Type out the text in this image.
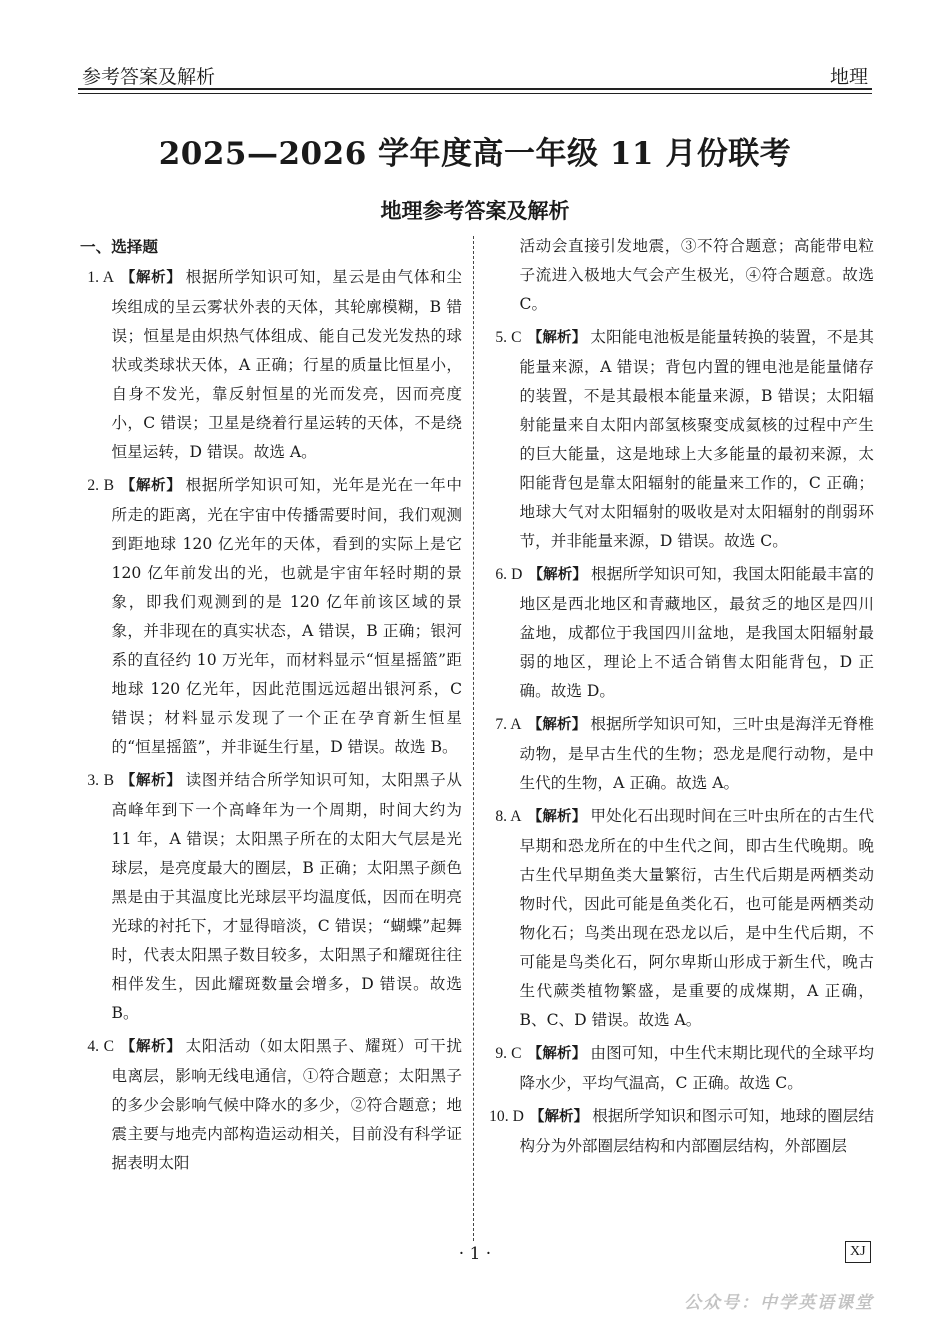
参考答案及解析	地理
2025—2026 学年度高一年级 11 月份联考
地理参考答案及解析
一、选择题
1. A 【解析】 根据所学知识可知，星云是由气体和尘埃组成的呈云雾状外表的天体，其轮廓模糊，B 错误；恒星是由炽热气体组成、能自己发光发热的球状或类球状天体，A 正确；行星的质量比恒星小，自身不发光，靠反射恒星的光而发亮，因而亮度小，C 错误；卫星是绕着行星运转的天体，不是绕恒星运转，D 错误。故选 A。
2. B 【解析】 根据所学知识可知，光年是光在一年中所走的距离，光在宇宙中传播需要时间，我们观测到距地球 120 亿光年的天体，看到的实际上是它 120 亿年前发出的光，也就是宇宙年轻时期的景象，即我们观测到的是 120 亿年前该区域的景象，并非现在的真实状态，A 错误，B 正确；银河系的直径约 10 万光年，而材料显示“恒星摇篮”距地球 120 亿光年，因此范围远远超出银河系，C 错误；材料显示发现了一个正在孕育新生恒星的“恒星摇篮”，并非诞生行星，D 错误。故选 B。
3. B 【解析】 读图并结合所学知识可知，太阳黑子从高峰年到下一个高峰年为一个周期，时间大约为 11 年，A 错误；太阳黑子所在的太阳大气层是光球层，是亮度最大的圈层，B 正确；太阳黑子颜色黑是由于其温度比光球层平均温度低，因而在明亮光球的衬托下，才显得暗淡，C 错误；“蝴蝶”起舞时，代表太阳黑子数目较多，太阳黑子和耀斑往往相伴发生，因此耀斑数量会增多，D 错误。故选 B。
4. C 【解析】 太阳活动（如太阳黑子、耀斑）可干扰电离层，影响无线电通信，①符合题意；太阳黑子的多少会影响气候中降水的多少，②符合题意；地震主要与地壳内部构造运动相关，目前没有科学证据表明太阳
活动会直接引发地震，③不符合题意；高能带电粒子流进入极地大气会产生极光，④符合题意。故选 C。
5. C 【解析】 太阳能电池板是能量转换的装置，不是其能量来源，A 错误；背包内置的锂电池是能量储存的装置，不是其最根本能量来源，B 错误；太阳辐射能量来自太阳内部氢核聚变成氦核的过程中产生的巨大能量，这是地球上大多能量的最初来源，太阳能背包是靠太阳辐射的能量来工作的，C 正确；地球大气对太阳辐射的吸收是对太阳辐射的削弱环节，并非能量来源，D 错误。故选 C。
6. D 【解析】 根据所学知识可知，我国太阳能最丰富的地区是西北地区和青藏地区，最贫乏的地区是四川盆地，成都位于我国四川盆地，是我国太阳辐射最弱的地区，理论上不适合销售太阳能背包，D 正确。故选 D。
7. A 【解析】 根据所学知识可知，三叶虫是海洋无脊椎动物，是早古生代的生物；恐龙是爬行动物，是中生代的生物，A 正确。故选 A。
8. A 【解析】 甲处化石出现时间在三叶虫所在的古生代早期和恐龙所在的中生代之间，即古生代晚期。晚古生代早期鱼类大量繁衍，古生代后期是两栖类动物时代，因此可能是鱼类化石，也可能是两栖类动物化石；鸟类出现在恐龙以后，是中生代后期，不可能是鸟类化石，阿尔卑斯山形成于新生代，晚古生代蕨类植物繁盛，是重要的成煤期，A 正确，B、C、D 错误。故选 A。
9. C 【解析】 由图可知，中生代末期比现代的全球平均降水少，平均气温高，C 正确。故选 C。
10. D 【解析】 根据所学知识和图示可知，地球的圈层结构分为外部圈层结构和内部圈层结构，外部圈层
· 1 ·	XJ
公众号：中学英语课堂
